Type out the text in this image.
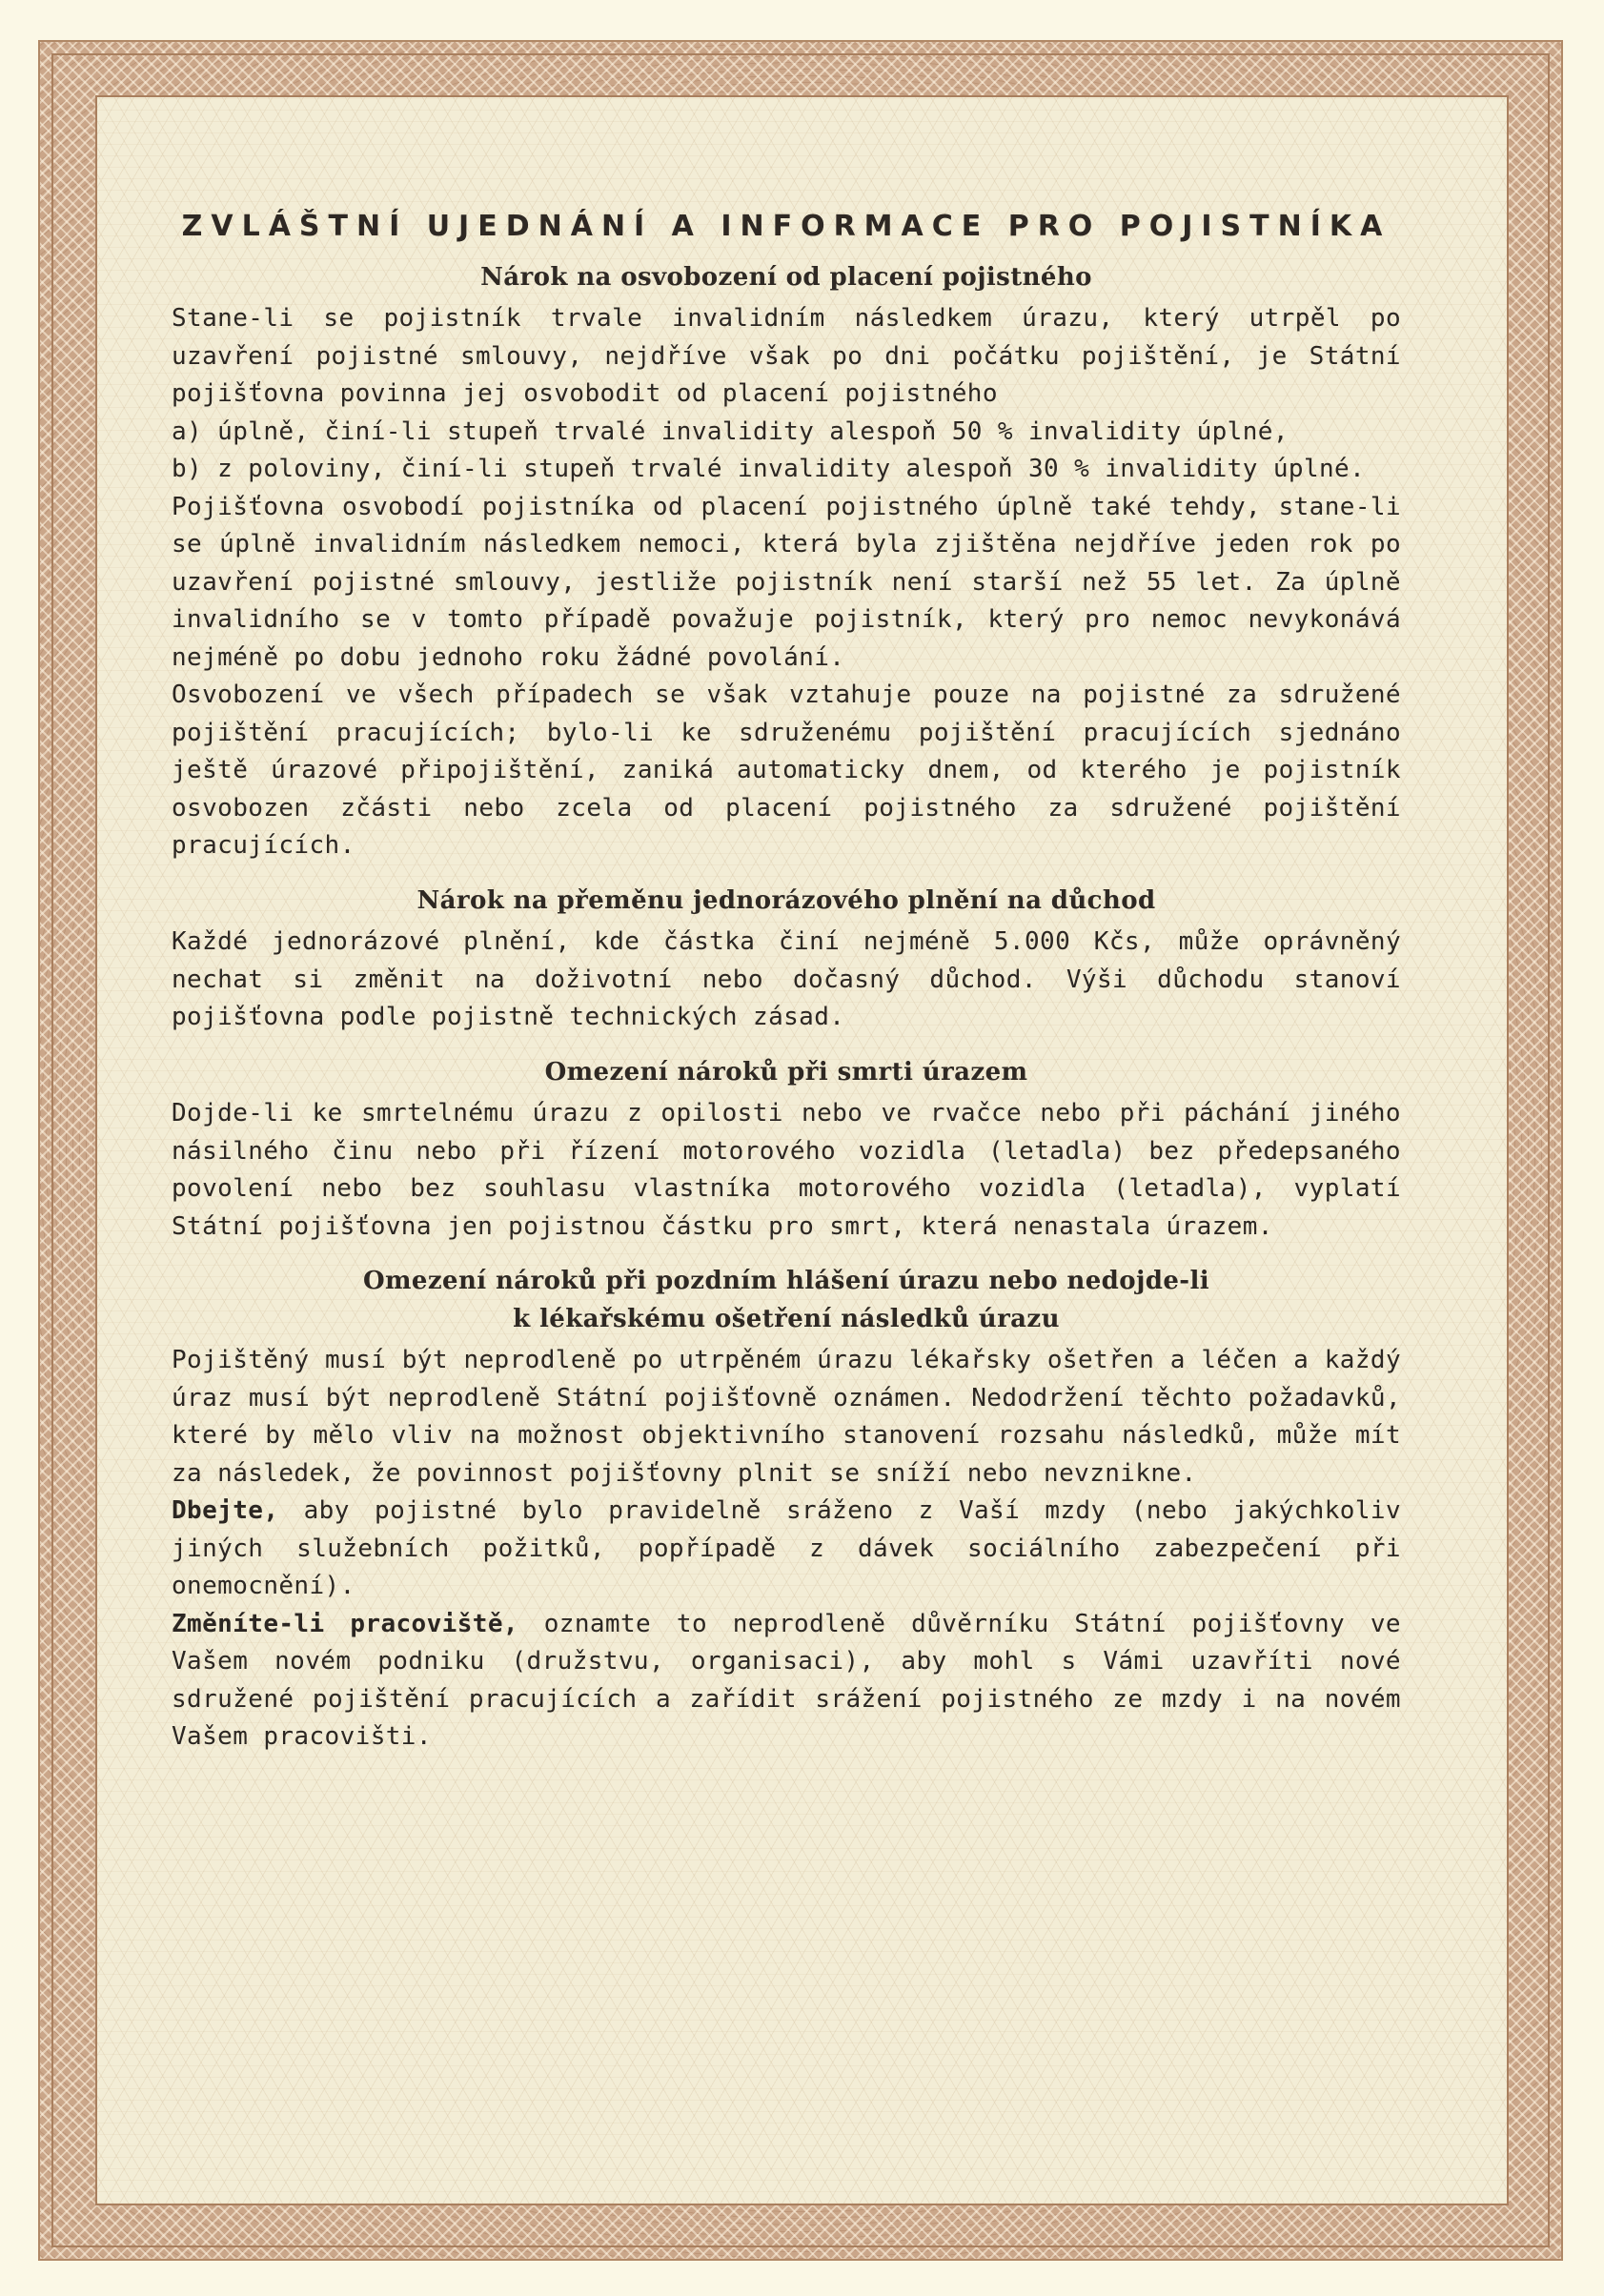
ZVLÁŠTNÍ UJEDNÁNÍ A INFORMACE PRO POJISTNÍKA
Nárok na osvobození od placení pojistného

Stane-li se pojistník trvale invalidním následkem úrazu, který utrpěl po uzavření pojistné smlouvy, nejdříve však po dni počátku pojištění, je Státní pojišťovna povinna jej osvobodit od placení pojistného

a) úplně, činí-li stupeň trvalé invalidity alespoň 50 % invalidity úplné,

b) z poloviny, činí-li stupeň trvalé invalidity alespoň 30 % invalidity úplné.

Pojišťovna osvobodí pojistníka od placení pojistného úplně také tehdy, stane-li se úplně invalidním následkem nemoci, která byla zjištěna nejdříve jeden rok po uzavření pojistné smlouvy, jestliže pojistník není starší než 55 let. Za úplně invalidního se v tomto případě považuje pojistník, který pro nemoc nevykonává nejméně po dobu jednoho roku žádné povolání.

Osvobození ve všech případech se však vztahuje pouze na pojistné za sdružené pojištění pracujících; bylo-li ke sdruženému pojištění pracujících sjednáno ještě úrazové připojištění, zaniká automaticky dnem, od kterého je pojistník osvobozen zčásti nebo zcela od placení pojistného za sdružené pojištění pracujících.

Nárok na přeměnu jednorázového plnění na důchod

Každé jednorázové plnění, kde částka činí nejméně 5.000 Kčs, může oprávněný nechat si změnit na doživotní nebo dočasný důchod. Výši důchodu stanoví pojišťovna podle pojistně technických zásad.

Omezení nároků při smrti úrazem

Dojde-li ke smrtelnému úrazu z opilosti nebo ve rvačce nebo při páchání jiného násilného činu nebo při řízení motorového vozidla (letadla) bez předepsaného povolení nebo bez souhlasu vlastníka motorového vozidla (letadla), vyplatí Státní pojišťovna jen pojistnou částku pro smrt, která nenastala úrazem.

Omezení nároků při pozdním hlášení úrazu nebo nedojde-li
k lékařskému ošetření následků úrazu

Pojištěný musí být neprodleně po utrpěném úrazu lékařsky ošetřen a léčen a každý úraz musí být neprodleně Státní pojišťovně oznámen. Nedodržení těchto požadavků, které by mělo vliv na možnost objektivního stanovení rozsahu následků, může mít za následek, že povinnost pojišťovny plnit se sníží nebo nevznikne.

Dbejte, aby pojistné bylo pravidelně sráženo z Vaší mzdy (nebo jakýchkoliv jiných služebních požitků, popřípadě z dávek sociálního zabezpečení při onemocnění).

Změníte-li pracoviště, oznamte to neprodleně důvěrníku Státní pojišťovny ve Vašem novém podniku (družstvu, organisaci), aby mohl s Vámi uzavříti nové sdružené pojištění pracujících a zařídit srážení pojistného ze mzdy i na novém Vašem pracovišti.
